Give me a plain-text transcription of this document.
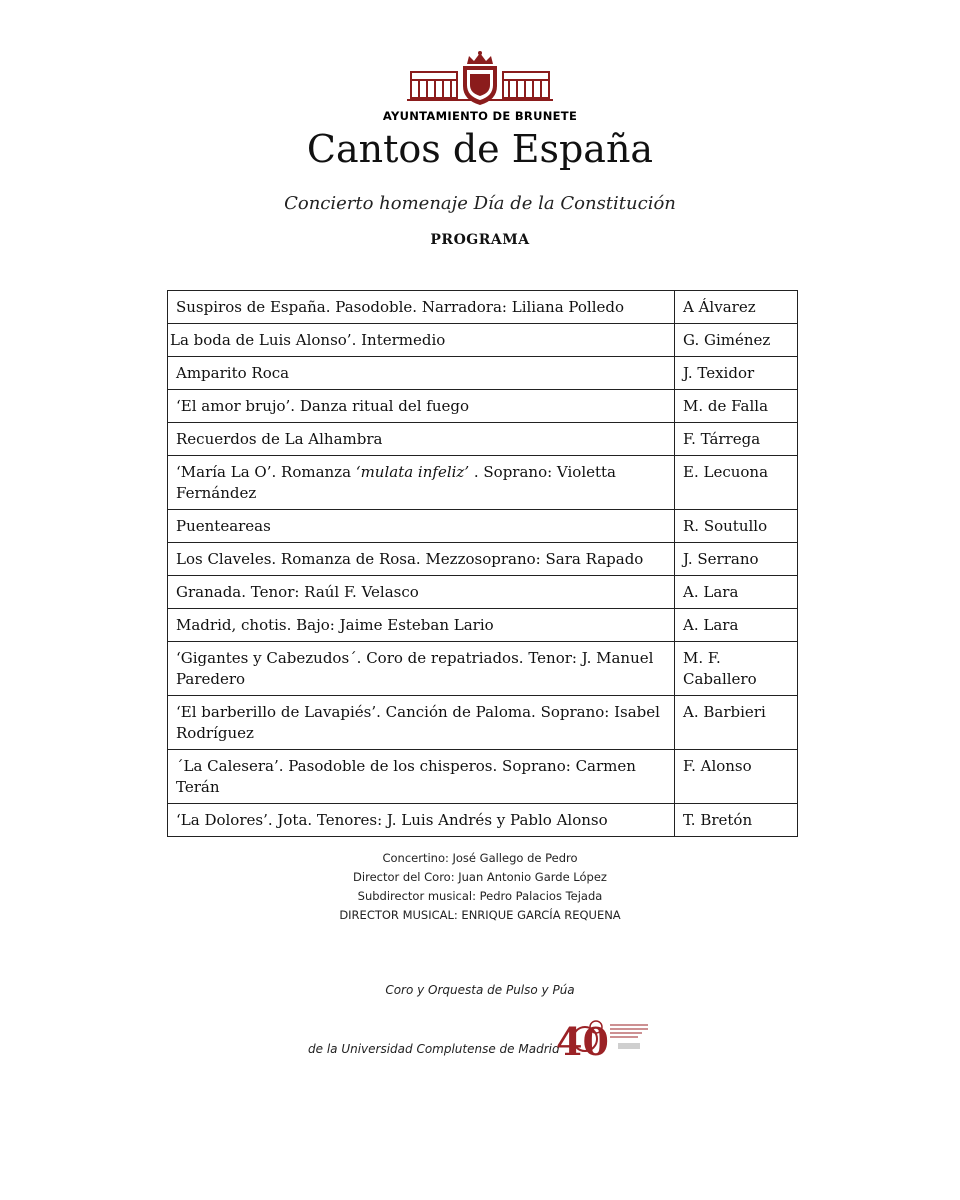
AYUNTAMIENTO DE BRUNETE
Cantos de España
Concierto homenaje Día de la Constitución
PROGRAMA
Suspiros de España. Pasodoble. Narradora: Liliana Polledo	A Álvarez
La boda de Luis Alonso’. Intermedio	G. Giménez
Amparito Roca	J. Texidor
‘El amor brujo’. Danza ritual del fuego	M. de Falla
Recuerdos de La Alhambra	F. Tárrega
‘María La O’. Romanza ‘mulata infeliz’ . Soprano: Violetta Fernández	E. Lecuona
Puenteareas	R. Soutullo
Los Claveles. Romanza de Rosa. Mezzosoprano: Sara Rapado	J. Serrano
Granada. Tenor: Raúl F. Velasco	A. Lara
Madrid, chotis. Bajo: Jaime Esteban Lario	A. Lara
‘Gigantes y Cabezudos´. Coro de repatriados. Tenor: J. Manuel Paredero	M. F. Caballero
‘El barberillo de Lavapiés’. Canción de Paloma. Soprano: Isabel Rodríguez	A. Barbieri
´La Calesera’. Pasodoble de los chisperos. Soprano: Carmen Terán	F. Alonso
‘La Dolores’. Jota. Tenores: J. Luis Andrés y Pablo Alonso	T. Bretón
Concertino: José Gallego de Pedro
Director del Coro: Juan Antonio Garde López
Subdirector musical: Pedro Palacios Tejada
DIRECTOR MUSICAL: ENRIQUE GARCÍA REQUENA
Coro y Orquesta de Pulso y Púa
de la Universidad Complutense de Madrid
40
